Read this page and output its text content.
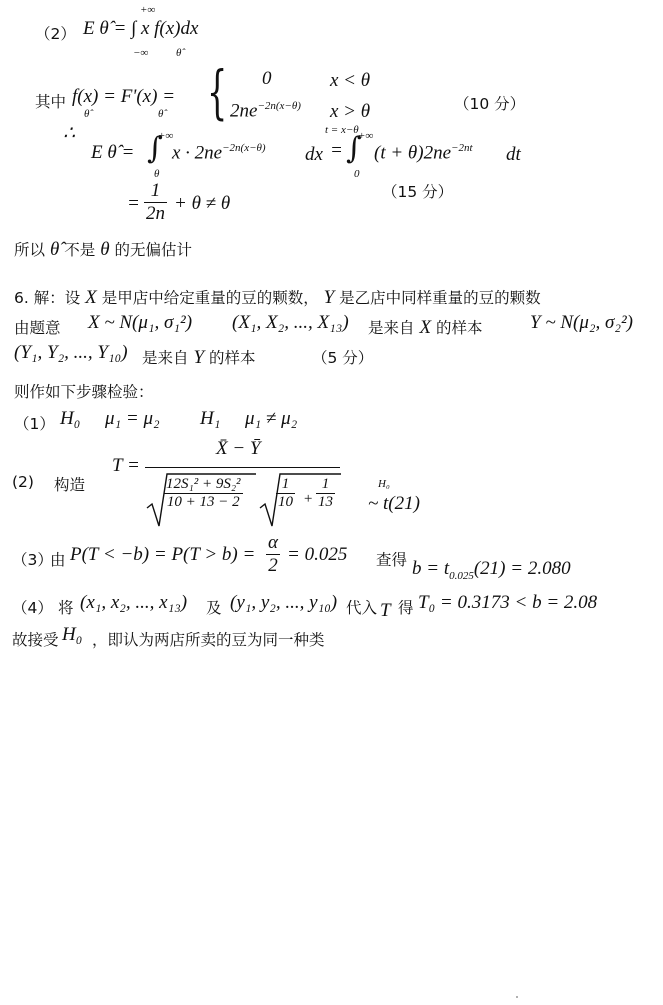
（2） E θ̂ = ∫ x f(x)dx
+∞
−∞	θ̂
其中 f(x) = F'(x) =
θ̂	θ̂ { 0	x < θ
$2ne^{-2n(x-\theta)}$ x > θ	（10 分）
∴
E θ̂ = ∫
+∞
θ
$x \cdot 2ne^{-2n(x-\theta)}$ dx
t = x−θ
= ∫
+∞
0
$(t + \theta)2ne^{-2nt}$ dt
（15 分）
= $\frac{1}{2n} + \theta \ne \theta$
所以 θ̂ 不是 θ 的无偏估计
6. 解：设 X 是甲店中给定重量的豆的颗数， Y 是乙店中同样重量的豆的颗数
由题意 X ~ N(μ₁, σ₁²) (X₁, X₂, ..., X₁₃) 是来自 X 的样本 Y ~ N(μ₂, σ₂²)
(Y₁, Y₂, ..., Y₁₀) 是来自 Y 的样本	（5 分）
则作如下步骤检验：
（1） H₀ μ₁ = μ₂ H₁ μ₁ ≠ μ₂
(2) 构造
T =
X̄ − Ȳ
$\frac{\text{12S₁² + 9S₂²}}{10 + 13 - 2} \frac{1}{10} + \frac{1}{13}$	H₀
~ t(21)
（3）
由 $P(T < -b) = P(T > b) = \frac{\alpha}{2} = 0.025$ 查得 $b = t_{0.025}(21) = 2.080$
（4） 将 (x₁, x₂, ..., x₁₃) 及 (y₁, y₂, ..., y₁₀) 代入 T 得 T₀ = 0.3173 < b = 2.08
故接受 H₀ ，即认为两店所卖的豆为同一种类
